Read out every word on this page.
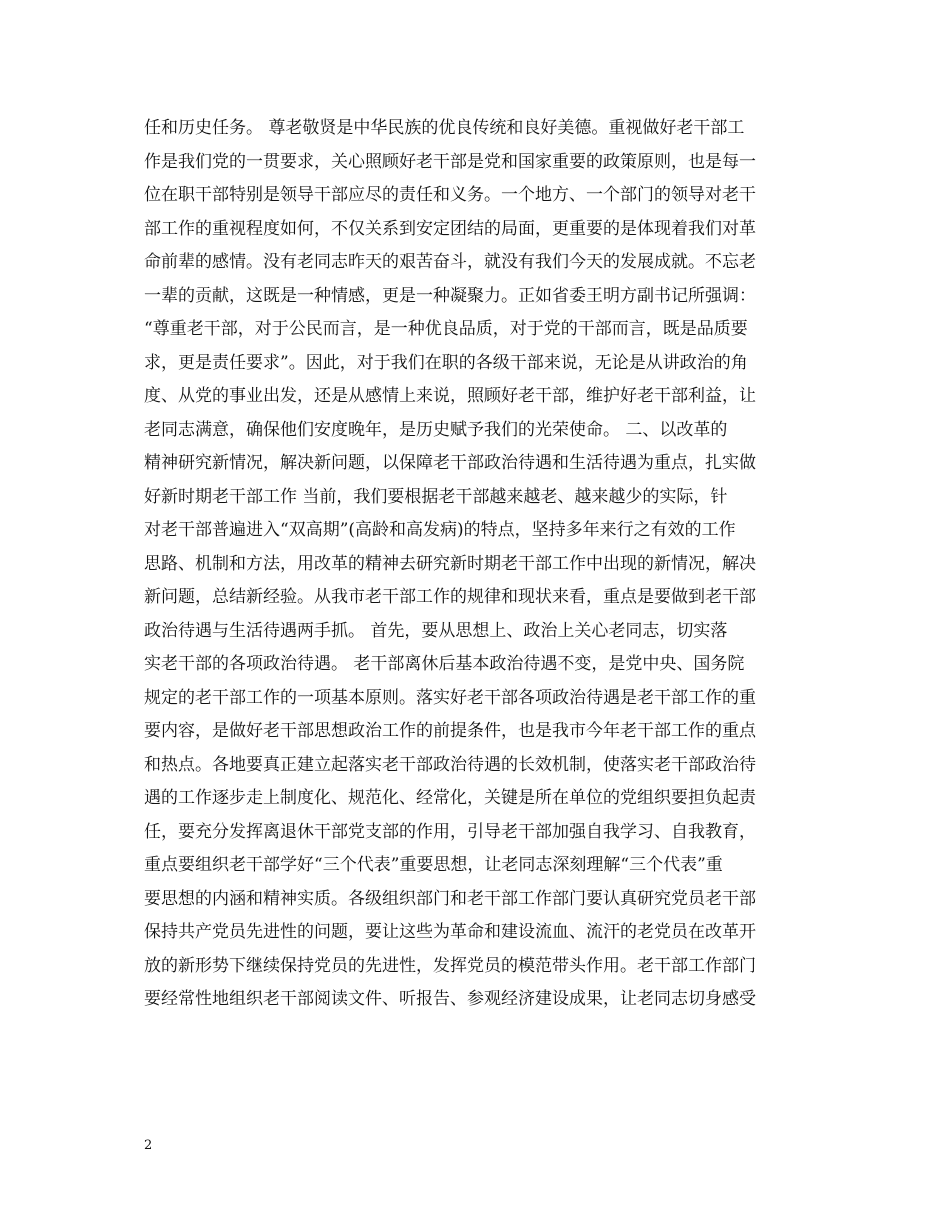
任和历史任务。 尊老敬贤是中华民族的优良传统和良好美德。重视做好老干部工
作是我们党的一贯要求，关心照顾好老干部是党和国家重要的政策原则，也是每一
位在职干部特别是领导干部应尽的责任和义务。一个地方、一个部门的领导对老干
部工作的重视程度如何，不仅关系到安定团结的局面，更重要的是体现着我们对革
命前辈的感情。没有老同志昨天的艰苦奋斗，就没有我们今天的发展成就。不忘老
一辈的贡献，这既是一种情感，更是一种凝聚力。正如省委王明方副书记所强调：
“尊重老干部，对于公民而言，是一种优良品质，对于党的干部而言，既是品质要
求，更是责任要求”。因此，对于我们在职的各级干部来说，无论是从讲政治的角
度、从党的事业出发，还是从感情上来说，照顾好老干部，维护好老干部利益，让
老同志满意，确保他们安度晚年，是历史赋予我们的光荣使命。 二、以改革的
精神研究新情况，解决新问题，以保障老干部政治待遇和生活待遇为重点，扎实做
好新时期老干部工作 当前，我们要根据老干部越来越老、越来越少的实际，针
对老干部普遍进入“双高期”(高龄和高发病)的特点，坚持多年来行之有效的工作
思路、机制和方法，用改革的精神去研究新时期老干部工作中出现的新情况，解决
新问题，总结新经验。从我市老干部工作的规律和现状来看，重点是要做到老干部
政治待遇与生活待遇两手抓。 首先，要从思想上、政治上关心老同志，切实落
实老干部的各项政治待遇。 老干部离休后基本政治待遇不变，是党中央、国务院
规定的老干部工作的一项基本原则。落实好老干部各项政治待遇是老干部工作的重
要内容，是做好老干部思想政治工作的前提条件，也是我市今年老干部工作的重点
和热点。各地要真正建立起落实老干部政治待遇的长效机制，使落实老干部政治待
遇的工作逐步走上制度化、规范化、经常化，关键是所在单位的党组织要担负起责
任，要充分发挥离退休干部党支部的作用，引导老干部加强自我学习、自我教育，
重点要组织老干部学好“三个代表”重要思想，让老同志深刻理解“三个代表”重
要思想的内涵和精神实质。各级组织部门和老干部工作部门要认真研究党员老干部
保持共产党员先进性的问题，要让这些为革命和建设流血、流汗的老党员在改革开
放的新形势下继续保持党员的先进性，发挥党员的模范带头作用。老干部工作部门
要经常性地组织老干部阅读文件、听报告、参观经济建设成果，让老同志切身感受
2
